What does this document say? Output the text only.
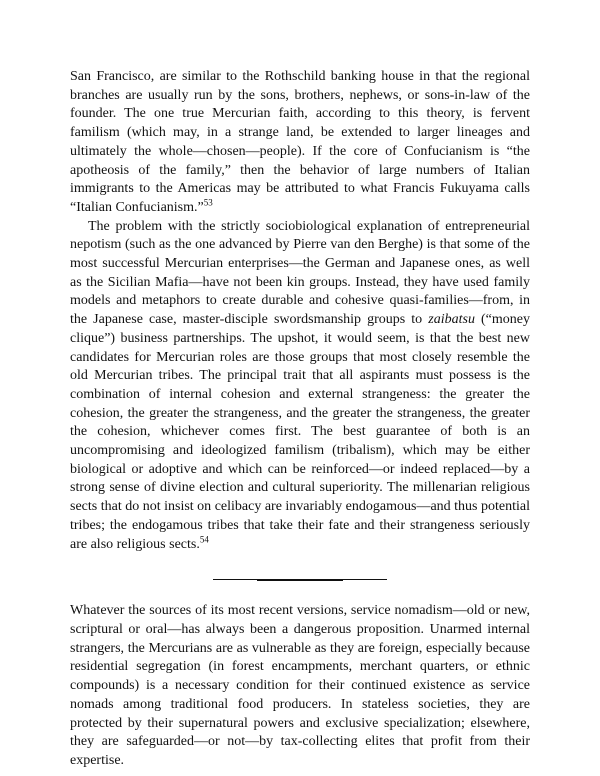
San Francisco, are similar to the Rothschild banking house in that the regional branches are usually run by the sons, brothers, nephews, or sons-in-law of the founder. The one true Mercurian faith, according to this theory, is fervent familism (which may, in a strange land, be extended to larger lineages and ultimately the whole—chosen—people). If the core of Confucianism is “the apotheosis of the family,” then the behavior of large numbers of Italian immigrants to the Americas may be attributed to what Francis Fukuyama calls “Italian Confucianism.”$^{53}$

The problem with the strictly sociobiological explanation of entrepreneurial nepotism (such as the one advanced by Pierre van den Berghe) is that some of the most successful Mercurian enterprises—the German and Japanese ones, as well as the Sicilian Mafia—have not been kin groups. Instead, they have used family models and metaphors to create durable and cohesive quasi-families—from, in the Japanese case, master-disciple swordsmanship groups to zaibatsu (“money clique”) business partnerships. The upshot, it would seem, is that the best new candidates for Mercurian roles are those groups that most closely resemble the old Mercurian tribes. The principal trait that all aspirants must possess is the combination of internal cohesion and external strangeness: the greater the cohesion, the greater the strangeness, and the greater the strangeness, the greater the cohesion, whichever comes first. The best guarantee of both is an uncompromising and ideologized familism (tribalism), which may be either biological or adoptive and which can be reinforced—or indeed replaced—by a strong sense of divine election and cultural superiority. The millenarian religious sects that do not insist on celibacy are invariably endogamous—and thus potential tribes; the endogamous tribes that take their fate and their strangeness seriously are also religious sects.$^{54}$

Whatever the sources of its most recent versions, service nomadism—old or new, scriptural or oral—has always been a dangerous proposition. Unarmed internal strangers, the Mercurians are as vulnerable as they are foreign, especially because residential segregation (in forest encampments, merchant quarters, or ethnic compounds) is a necessary condition for their continued existence as service nomads among traditional food producers. In stateless societies, they are protected by their supernatural powers and exclusive specialization; elsewhere, they are safeguarded—or not—by tax-collecting elites that profit from their expertise.
